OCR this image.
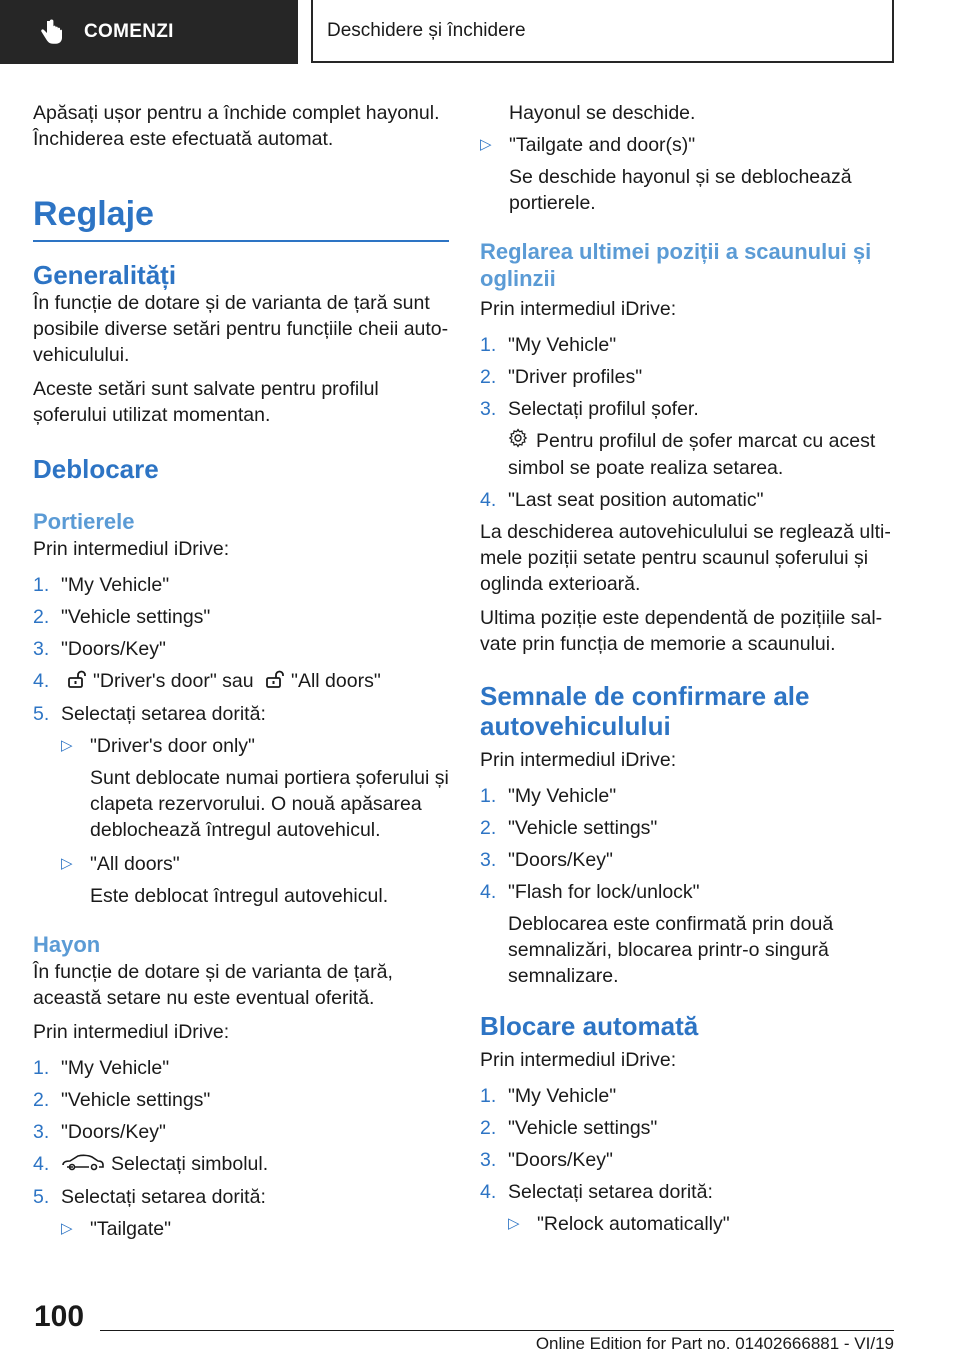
COMENZI	Deschidere și închidere

Apăsați ușor pentru a închide complet hayonul. Închiderea este efectuată automat.

Reglaje
Generalități

În funcție de dotare și de varianta de țară sunt posibile diverse setări pentru funcțiile cheii autovehiculului.

Aceste setări sunt salvate pentru profilul șoferului utilizat momentan.

Deblocare
Portierele

Prin intermediul iDrive:

1. "My Vehicle"
2. "Vehicle settings"
3. "Doors/Key"
4.	"Driver's door" sau "All doors"
5. Selectați setarea dorită:
▷ "Driver's door only"

Sunt deblocate numai portiera șoferului și clapeta rezervorului. O nouă apăsarea deblochează întregul autovehicul.
▷ "All doors"

Este deblocat întregul autovehicul.
Hayon

În funcție de dotare și de varianta de țară, această setare nu este eventual oferită.

Prin intermediul iDrive:

1. "My Vehicle"
2. "Vehicle settings"
3. "Doors/Key"
4.	Selectați simbolul.
5. Selectați setarea dorită:
▷ "Tailgate"

Hayonul se deschide.

▷ "Tailgate and door(s)"
Se deschide hayonul și se deblochează portierele.
Reglarea ultimei poziții a scaunului și oglinzii

Prin intermediul iDrive:

1. "My Vehicle"
2. "Driver profiles"
3. Selectați profilul șofer.
Pentru profilul de șofer marcat cu acest simbol se poate realiza setarea.
4. "Last seat position automatic"

La deschiderea autovehiculului se reglează ultimele poziții setate pentru scaunul șoferului și oglinda exterioară.

Ultima poziție este dependentă de pozițiile salvate prin funcția de memorie a scaunului.

Semnale de confirmare ale autovehiculului

Prin intermediul iDrive:

1. "My Vehicle"
2. "Vehicle settings"
3. "Doors/Key"
4. "Flash for lock/unlock"
Deblocarea este confirmată prin două semnalizări, blocarea printr-o singură semnalizare.
Blocare automată

Prin intermediul iDrive:

1. "My Vehicle"
2. "Vehicle settings"
3. "Doors/Key"
4. Selectați setarea dorită:
▷ "Relock automatically"
100
Online Edition for Part no. 01402666881 - VI/19
